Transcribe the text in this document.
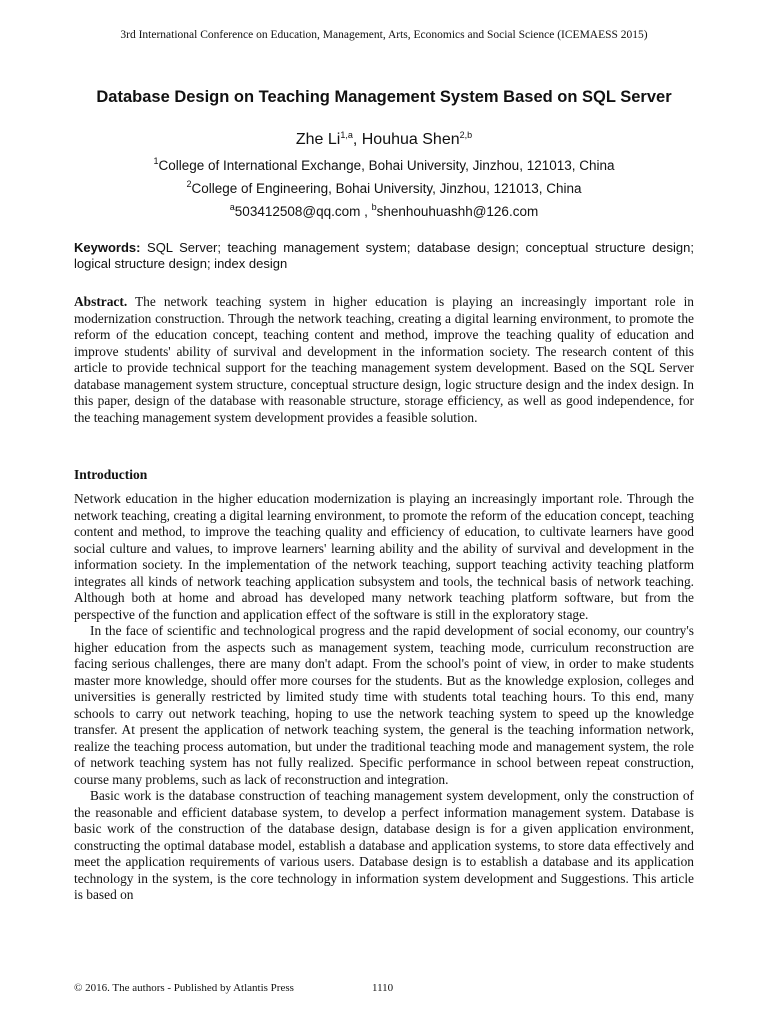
3rd International Conference on Education, Management, Arts, Economics and Social Science (ICEMAESS 2015)
Database Design on Teaching Management System Based on SQL Server
Zhe Li$^{1,a}$, Houhua Shen$^{2,b}$
$^1$College of International Exchange, Bohai University, Jinzhou, 121013, China
$^2$College of Engineering, Bohai University, Jinzhou, 121013, China
$^a$503412508@qq.com , $^b$shenhouhuashh@126.com
Keywords: SQL Server; teaching management system; database design; conceptual structure design; logical structure design; index design

Abstract. The network teaching system in higher education is playing an increasingly important role in modernization construction. Through the network teaching, creating a digital learning environment, to promote the reform of the education concept, teaching content and method, improve the teaching quality of education and improve students' ability of survival and development in the information society. The research content of this article to provide technical support for the teaching management system development. Based on the SQL Server database management system structure, conceptual structure design, logic structure design and the index design. In this paper, design of the database with reasonable structure, storage efficiency, as well as good independence, for the teaching management system development provides a feasible solution.

Introduction

Network education in the higher education modernization is playing an increasingly important role. Through the network teaching, creating a digital learning environment, to promote the reform of the education concept, teaching content and method, to improve the teaching quality and efficiency of education, to cultivate learners have good social culture and values, to improve learners' learning ability and the ability of survival and development in the information society. In the implementation of the network teaching, support teaching activity teaching platform integrates all kinds of network teaching application subsystem and tools, the technical basis of network teaching. Although both at home and abroad has developed many network teaching platform software, but from the perspective of the function and application effect of the software is still in the exploratory stage.

In the face of scientific and technological progress and the rapid development of social economy, our country's higher education from the aspects such as management system, teaching mode, curriculum reconstruction are facing serious challenges, there are many don't adapt. From the school's point of view, in order to make students master more knowledge, should offer more courses for the students. But as the knowledge explosion, colleges and universities is generally restricted by limited study time with students total teaching hours. To this end, many schools to carry out network teaching, hoping to use the network teaching system to speed up the knowledge transfer. At present the application of network teaching system, the general is the teaching information network, realize the teaching process automation, but under the traditional teaching mode and management system, the role of network teaching system has not fully realized. Specific performance in school between repeat construction, course many problems, such as lack of reconstruction and integration.

Basic work is the database construction of teaching management system development, only the construction of the reasonable and efficient database system, to develop a perfect information management system. Database is basic work of the construction of the database design, database design is for a given application environment, constructing the optimal database model, establish a database and application systems, to store data effectively and meet the application requirements of various users. Database design is to establish a database and its application technology in the system, is the core technology in information system development and Suggestions. This article is based on

© 2016. The authors - Published by Atlantis Press	1110
